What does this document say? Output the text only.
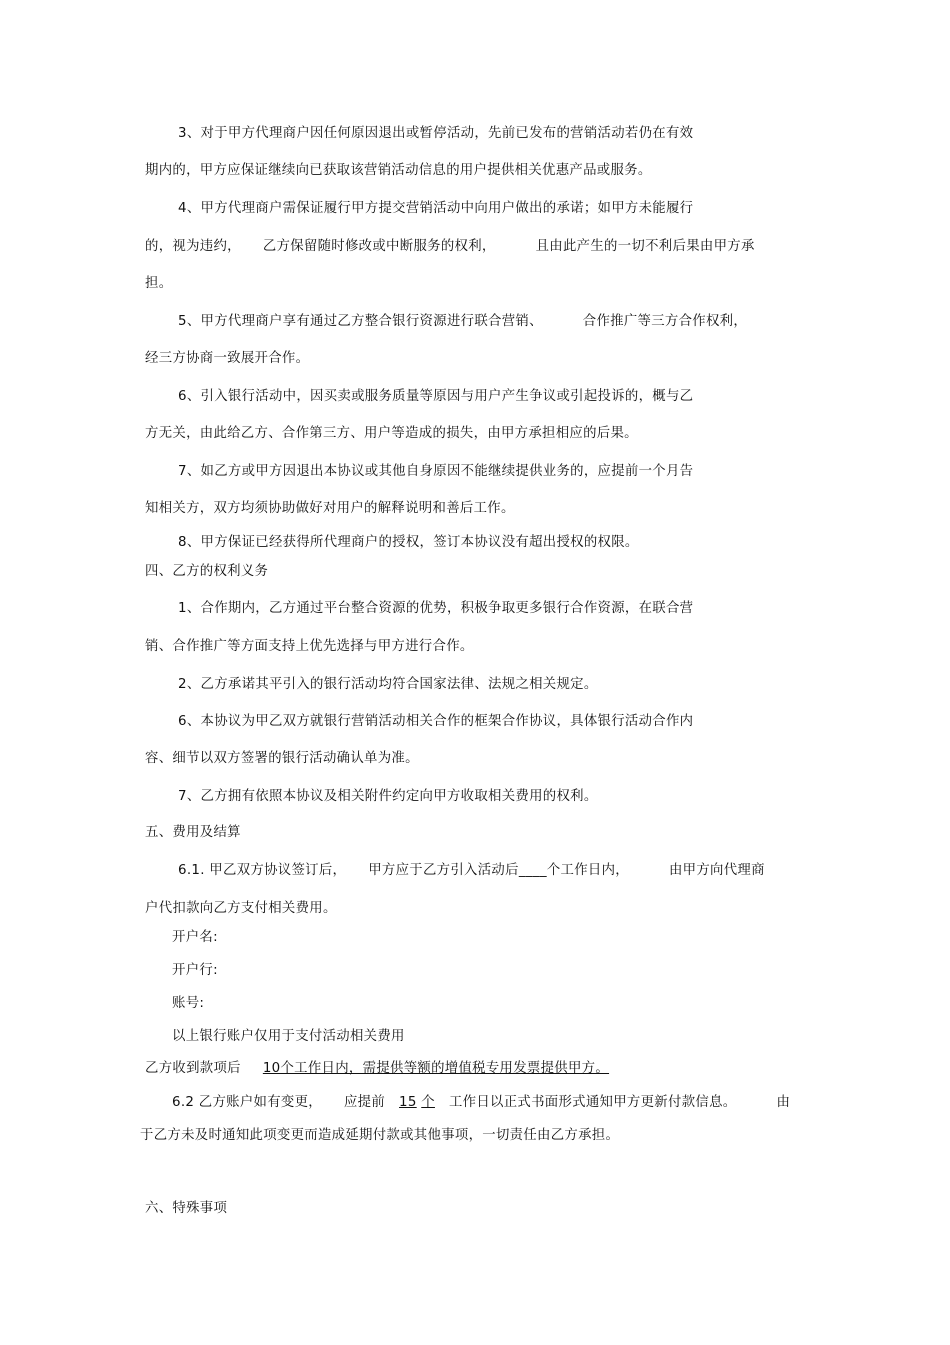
3、对于甲方代理商户因任何原因退出或暂停活动，先前已发布的营销活动若仍在有效
期内的，甲方应保证继续向已获取该营销活动信息的用户提供相关优惠产品或服务。
4、甲方代理商户需保证履行甲方提交营销活动中向用户做出的承诺；如甲方未能履行
的，视为违约， 乙方保留随时修改或中断服务的权利，	且由此产生的一切不利后果由甲方承
担。
5、甲方代理商户享有通过乙方整合银行资源进行联合营销、	合作推广等三方合作权利，
经三方协商一致展开合作。
6、引入银行活动中，因买卖或服务质量等原因与用户产生争议或引起投诉的，概与乙
方无关，由此给乙方、合作第三方、用户等造成的损失，由甲方承担相应的后果。
7、如乙方或甲方因退出本协议或其他自身原因不能继续提供业务的，应提前一个月告
知相关方，双方均须协助做好对用户的解释说明和善后工作。
8、甲方保证已经获得所代理商户的授权，签订本协议没有超出授权的权限。
四、乙方的权利义务
1、合作期内，乙方通过平台整合资源的优势，积极争取更多银行合作资源，在联合营
销、合作推广等方面支持上优先选择与甲方进行合作。
2、乙方承诺其平引入的银行活动均符合国家法律、法规之相关规定。
6、本协议为甲乙双方就银行营销活动相关合作的框架合作协议，具体银行活动合作内
容、细节以双方签署的银行活动确认单为准。
7、乙方拥有依照本协议及相关附件约定向甲方收取相关费用的权利。
五、费用及结算
6.1. 甲乙双方协议签订后， 甲方应于乙方引入活动后____个工作日内，	由甲方向代理商
户代扣款向乙方支付相关费用。
开户名:
开户行:
账号:
以上银行账户仅用于支付活动相关费用
乙方收到款项后 10个工作日内，需提供等额的增值税专用发票提供甲方。
6.2 乙方账户如有变更， 应提前 15 个 工作日以正式书面形式通知甲方更新付款信息。	由
于乙方未及时通知此项变更而造成延期付款或其他事项，一切责任由乙方承担。
六、特殊事项
